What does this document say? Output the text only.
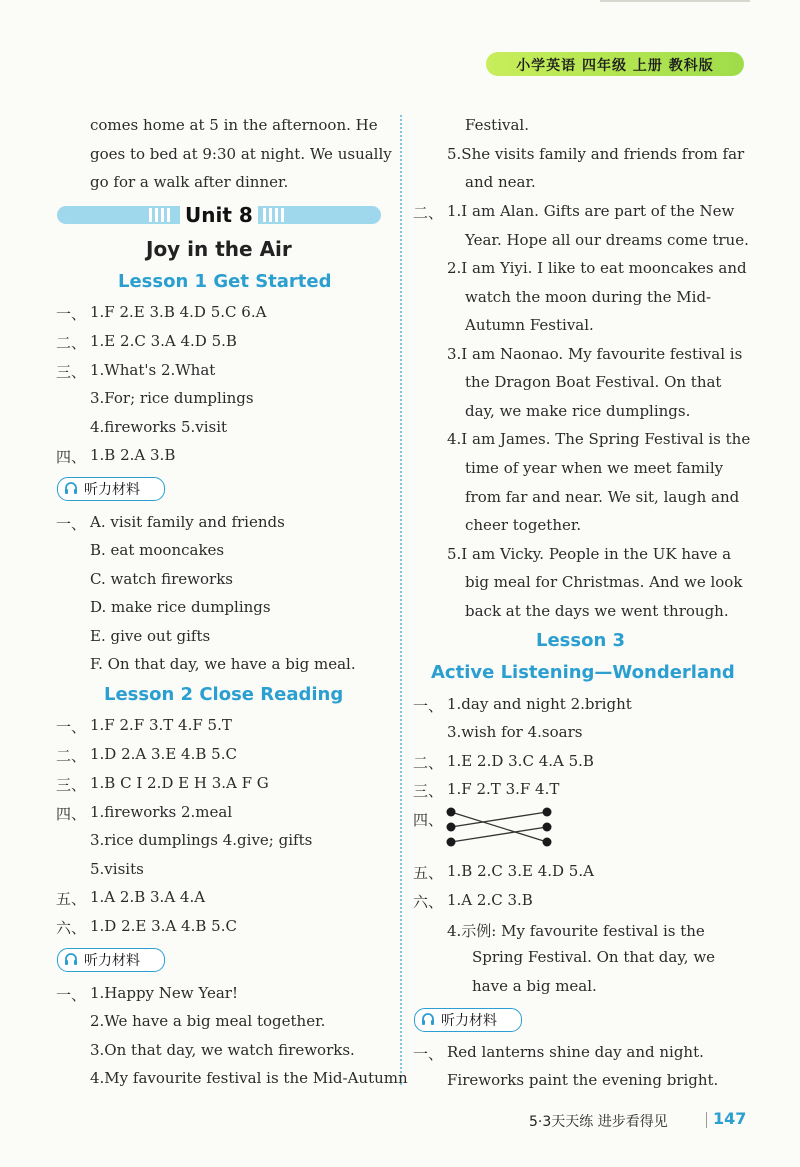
小学英语 四年级 上册 教科版
comes home at 5 in the afternoon. He
goes to bed at 9:30 at night. We usually
go for a walk after dinner.
Unit 8
Joy in the Air
Lesson 1 Get Started
一、 1.F 2.E 3.B 4.D 5.C 6.A
二、 1.E 2.C 3.A 4.D 5.B
三、 1.What's 2.What
3.For; rice dumplings
4.fireworks 5.visit
四、 1.B 2.A 3.B
听力材料
一、 A. visit family and friends
B. eat mooncakes
C. watch fireworks
D. make rice dumplings
E. give out gifts
F. On that day, we have a big meal.
Lesson 2 Close Reading
一、 1.F 2.F 3.T 4.F 5.T
二、 1.D 2.A 3.E 4.B 5.C
三、 1.B C I 2.D E H 3.A F G
四、 1.fireworks 2.meal
3.rice dumplings 4.give; gifts
5.visits
五、 1.A 2.B 3.A 4.A
六、 1.D 2.E 3.A 4.B 5.C
听力材料
一、 1.Happy New Year!
2.We have a big meal together.
3.On that day, we watch fireworks.
4.My favourite festival is the Mid-Autumn
Festival.
5.She visits family and friends from far
and near.
二、 1.I am Alan. Gifts are part of the New
Year. Hope all our dreams come true.
2.I am Yiyi. I like to eat mooncakes and
watch the moon during the Mid-
Autumn Festival.
3.I am Naonao. My favourite festival is
the Dragon Boat Festival. On that
day, we make rice dumplings.
4.I am James. The Spring Festival is the
time of year when we meet family
from far and near. We sit, laugh and
cheer together.
5.I am Vicky. People in the UK have a
big meal for Christmas. And we look
back at the days we went through.
Lesson 3
Active Listening—Wonderland
一、 1.day and night 2.bright
3.wish for 4.soars
二、 1.E 2.D 3.C 4.A 5.B
三、 1.F 2.T 3.F 4.T
四、
五、 1.B 2.C 3.E 4.D 5.A
六、 1.A 2.C 3.B
4.示例: My favourite festival is the
Spring Festival. On that day, we
have a big meal.
听力材料
一、 Red lanterns shine day and night.
Fireworks paint the evening bright.
5·3天天练 进步看得见	147
